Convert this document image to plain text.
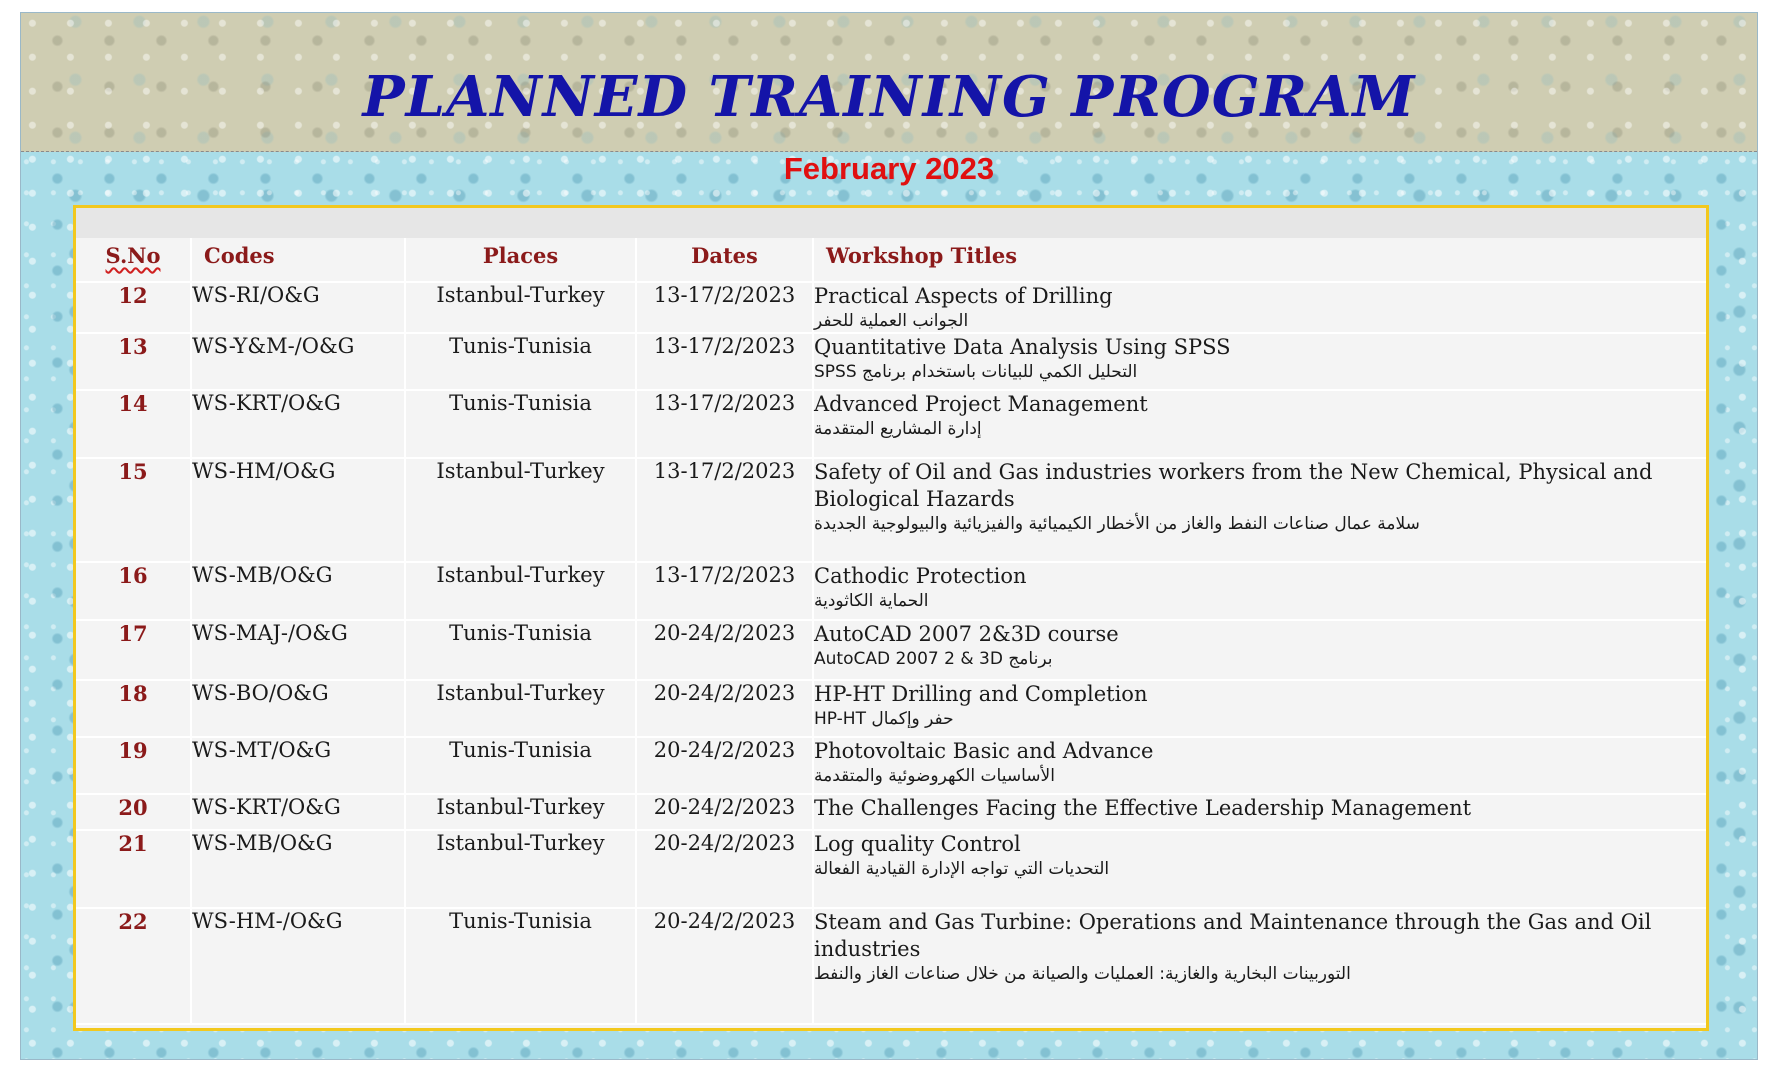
PLANNED TRAINING PROGRAM
February 2023
S.No	Codes	Places	Dates	Workshop Titles
12	WS-RI/O&G	Istanbul-Turkey	13-17/2/2023	Practical Aspects of Drilling
الجوانب العملية للحفر

13	WS-Y&M-/O&G	Tunis-Tunisia	13-17/2/2023	Quantitative Data Analysis Using SPSS
التحليل الكمي للبيانات باستخدام برنامج SPSS

14	WS-KRT/O&G	Tunis-Tunisia	13-17/2/2023	Advanced Project Management
إدارة المشاريع المتقدمة

15	WS-HM/O&G	Istanbul-Turkey	13-17/2/2023	Safety of Oil and Gas industries workers from the New Chemical, Physical and Biological Hazards
سلامة عمال صناعات النفط والغاز من الأخطار الكيميائية والفيزيائية والبيولوجية الجديدة

16	WS-MB/O&G	Istanbul-Turkey	13-17/2/2023	Cathodic Protection
الحماية الكاثودية

17	WS-MAJ-/O&G	Tunis-Tunisia	20-24/2/2023	AutoCAD 2007 2&3D course
برنامج AutoCAD 2007 2 & 3D

18	WS-BO/O&G	Istanbul-Turkey	20-24/2/2023	HP-HT Drilling and Completion
حفر وإكمال HP-HT

19	WS-MT/O&G	Tunis-Tunisia	20-24/2/2023	Photovoltaic Basic and Advance
الأساسيات الكهروضوئية والمتقدمة

20	WS-KRT/O&G	Istanbul-Turkey	20-24/2/2023	The Challenges Facing the Effective Leadership Management

21	WS-MB/O&G	Istanbul-Turkey	20-24/2/2023	Log quality Control
التحديات التي تواجه الإدارة القيادية الفعالة

22	WS-HM-/O&G	Tunis-Tunisia	20-24/2/2023	Steam and Gas Turbine: Operations and Maintenance through the Gas and Oil industries
التوربينات البخارية والغازية: العمليات والصيانة من خلال صناعات الغاز والنفط
